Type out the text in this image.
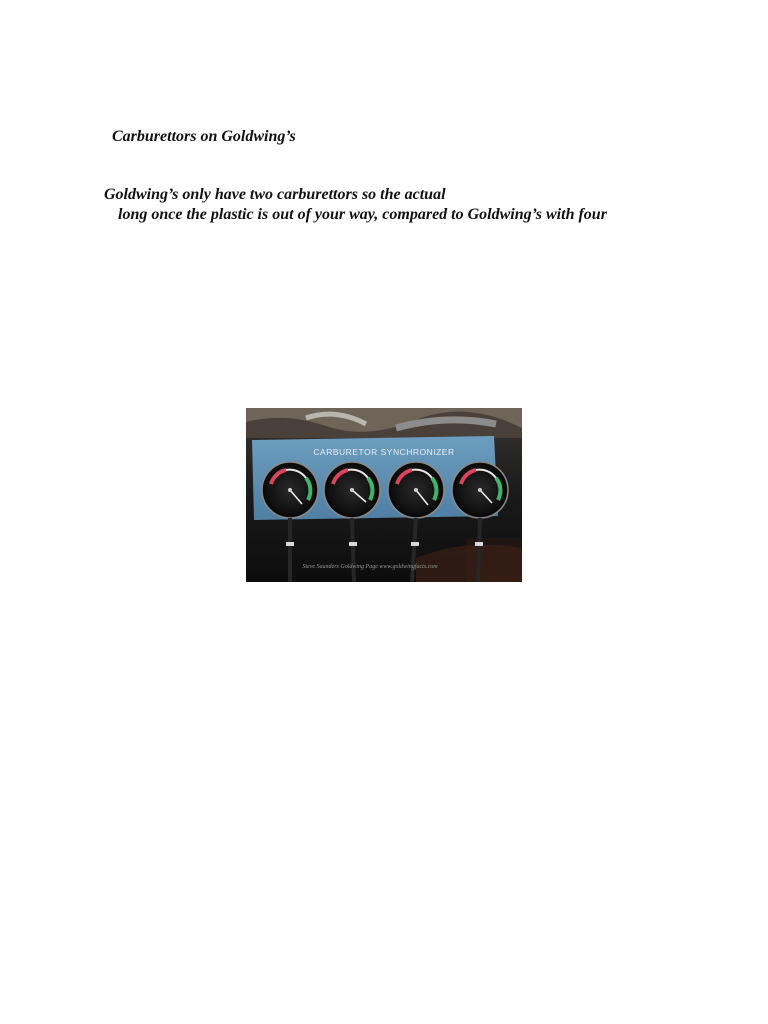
Carburettors on Goldwing’s
Goldwing’s only have two carburettors so the actual
long once the plastic is out of your way, compared to Goldwing’s with four
CARBURETOR SYNCHRONIZER
Steve Saunders Goldwing Page www.goldwingfacts.com
